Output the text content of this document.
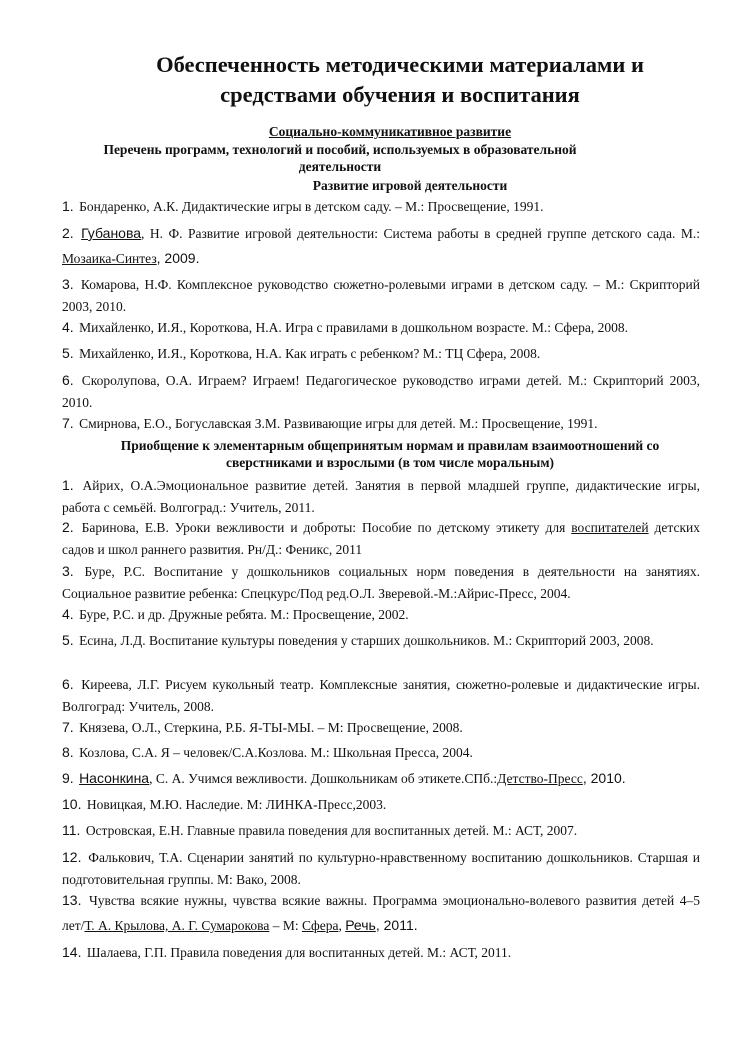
Обеспеченность методическими материалами и
средствами обучения и воспитания
Социально-коммуникативное развитие
Перечень программ, технологий и пособий, используемых в образовательной
деятельности
Развитие игровой деятельности
1. Бондаренко, А.К. Дидактические игры в детском саду. – М.: Просвещение, 1991.
2. Губанова, Н. Ф. Развитие игровой деятельности: Система работы в средней группе детского сада. М.: Мозаика-Синтез, 2009.
3. Комарова, Н.Ф. Комплексное руководство сюжетно-ролевыми играми в детском саду. – М.: Скрипторий 2003, 2010.
4. Михайленко, И.Я., Короткова, Н.А. Игра с правилами в дошкольном возрасте. М.: Сфера, 2008.
5. Михайленко, И.Я., Короткова, Н.А. Как играть с ребенком? М.: ТЦ Сфера, 2008.
6. Скоролупова, О.А. Играем? Играем! Педагогическое руководство играми детей. М.: Скрипторий 2003, 2010.
7. Смирнова, Е.О., Богуславская З.М. Развивающие игры для детей. М.: Просвещение, 1991.
Приобщение к элементарным общепринятым нормам и правилам взаимоотношений со
сверстниками и взрослыми (в том числе моральным)
1. Айрих, О.А.Эмоциональное развитие детей. Занятия в первой младшей группе, дидактические игры, работа с семьёй. Волгоград.: Учитель, 2011.
2. Баринова, Е.В. Уроки вежливости и доброты: Пособие по детскому этикету для воспитателей детских садов и школ раннего развития. Рн/Д.: Феникс, 2011
3. Буре, Р.С. Воспитание у дошкольников социальных норм поведения в деятельности на занятиях. Социальное развитие ребенка: Спецкурс/Под ред.О.Л. Зверевой.-М.:Айрис-Пресс, 2004.
4. Буре, Р.С. и др. Дружные ребята. М.: Просвещение, 2002.
5. Есина, Л.Д. Воспитание культуры поведения у старших дошкольников. М.: Скрипторий 2003, 2008.
6. Киреева, Л.Г. Рисуем кукольный театр. Комплексные занятия, сюжетно-ролевые и дидактические игры. Волгоград: Учитель, 2008.
7. Князева, О.Л., Стеркина, Р.Б. Я-ТЫ-МЫ. – М: Просвещение, 2008.
8. Козлова, С.А. Я – человек/С.А.Козлова. М.: Школьная Пресса, 2004.
9. Насонкина, С. А. Учимся вежливости. Дошкольникам об этикете.СПб.:Детство-Пресс, 2010.
10. Новицкая, М.Ю. Наследие. М: ЛИНКА-Пресс,2003.
11. Островская, Е.Н. Главные правила поведения для воспитанных детей. М.: АСТ, 2007.
12. Фалькович, Т.А. Сценарии занятий по культурно-нравственному воспитанию дошкольников. Старшая и подготовительная группы. М: Вако, 2008.
13. Чувства всякие нужны, чувства всякие важны. Программа эмоционально-волевого развития детей 4–5 лет/Т. А. Крылова, А. Г. Сумарокова – М: Сфера, Речь, 2011.
14. Шалаева, Г.П. Правила поведения для воспитанных детей. М.: АСТ, 2011.
